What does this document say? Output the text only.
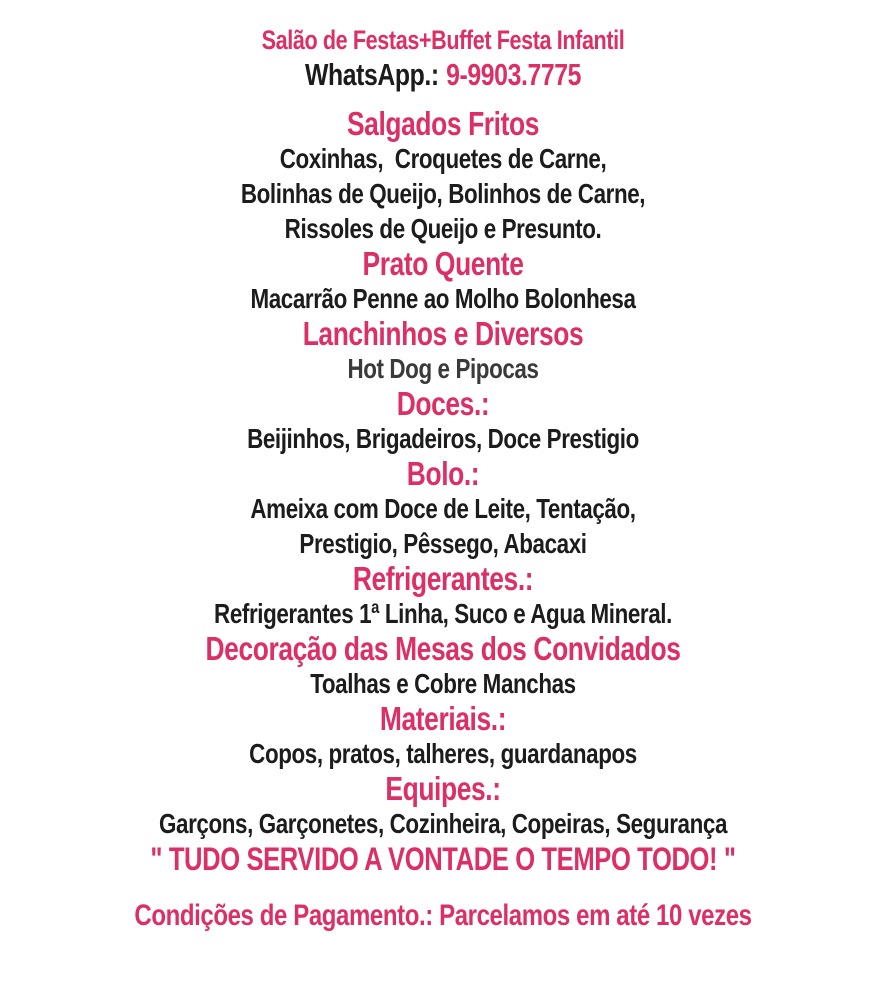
Salão de Festas+Buffet Festa Infantil
WhatsApp.: 9-9903.7775
Salgados Fritos
Coxinhas,  Croquetes de Carne,
Bolinhas de Queijo, Bolinhos de Carne,
Rissoles de Queijo e Presunto.
Prato Quente
Macarrão Penne ao Molho Bolonhesa
Lanchinhos e Diversos
Hot Dog e Pipocas
Doces.:
Beijinhos, Brigadeiros, Doce Prestigio
Bolo.:
Ameixa com Doce de Leite, Tentação,
Prestigio, Pêssego, Abacaxi
Refrigerantes.:
Refrigerantes 1ª Linha, Suco e Agua Mineral.
Decoração das Mesas dos Convidados
Toalhas e Cobre Manchas
Materiais.:
Copos, pratos, talheres, guardanapos
Equipes.:
Garçons, Garçonetes, Cozinheira, Copeiras, Segurança
" TUDO SERVIDO A VONTADE O TEMPO TODO! "
Condições de Pagamento.: Parcelamos em até 10 vezes
